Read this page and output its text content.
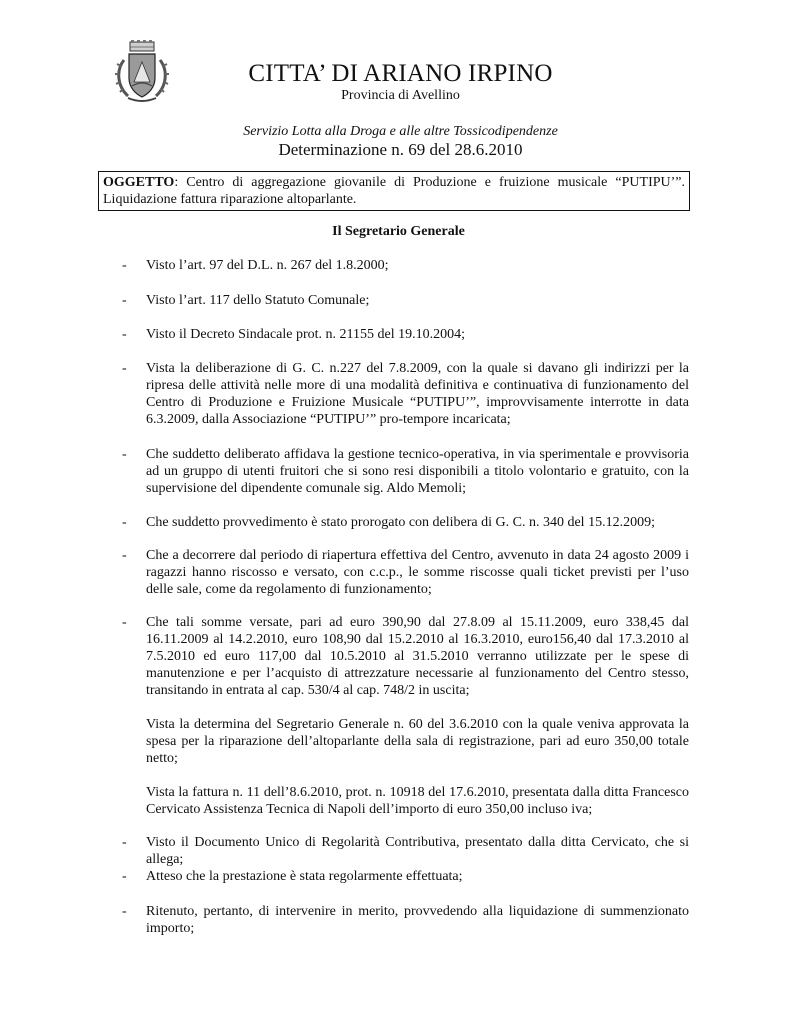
CITTA’ DI ARIANO IRPINO
Provincia di Avellino
Servizio Lotta alla Droga e alle altre Tossicodipendenze
Determinazione n. 69 del 28.6.2010
OGGETTO: Centro di aggregazione giovanile di Produzione e fruizione musicale “PUTIPU’”. Liquidazione fattura riparazione altoparlante.
Il Segretario Generale
- Visto l’art. 97 del D.L. n. 267 del 1.8.2000;
- Visto l’art. 117 dello Statuto Comunale;
- Visto il Decreto Sindacale prot. n. 21155 del 19.10.2004;
- Vista la deliberazione di G. C. n.227 del 7.8.2009, con la quale si davano gli indirizzi per la ripresa delle attività nelle more di una modalità definitiva e continuativa di funzionamento del Centro di Produzione e Fruizione Musicale “PUTIPU’”, improvvisamente interrotte in data 6.3.2009, dalla Associazione “PUTIPU’” pro-tempore incaricata;
- Che suddetto deliberato affidava la gestione tecnico-operativa, in via sperimentale e provvisoria ad un gruppo di utenti fruitori che si sono resi disponibili a titolo volontario e gratuito, con la supervisione del dipendente comunale sig. Aldo Memoli;
- Che suddetto provvedimento è stato prorogato con delibera di G. C. n. 340 del 15.12.2009;
- Che a decorrere dal periodo di riapertura effettiva del Centro, avvenuto in data 24 agosto 2009 i ragazzi hanno riscosso e versato, con c.c.p., le somme riscosse quali ticket previsti per l’uso delle sale, come da regolamento di funzionamento;
- Che tali somme versate, pari ad euro 390,90 dal 27.8.09 al 15.11.2009, euro 338,45 dal 16.11.2009 al 14.2.2010, euro 108,90 dal 15.2.2010 al 16.3.2010, euro156,40 dal 17.3.2010 al 7.5.2010 ed euro 117,00 dal 10.5.2010 al 31.5.2010 verranno utilizzate per le spese di manutenzione e per l’acquisto di attrezzature necessarie al funzionamento del Centro stesso, transitando in entrata al cap. 530/4 al cap. 748/2 in uscita;
Vista la determina del Segretario Generale n. 60 del 3.6.2010 con la quale veniva approvata la spesa per la riparazione dell’altoparlante della sala di registrazione, pari ad euro 350,00 totale netto;
Vista la fattura n. 11 dell’8.6.2010, prot. n. 10918 del 17.6.2010, presentata dalla ditta Francesco Cervicato Assistenza Tecnica di Napoli dell’importo di euro 350,00 incluso iva;
- Visto il Documento Unico di Regolarità Contributiva, presentato dalla ditta Cervicato, che si allega;
- Atteso che la prestazione è stata regolarmente effettuata;
- Ritenuto, pertanto, di intervenire in merito, provvedendo alla liquidazione di summenzionato importo;
